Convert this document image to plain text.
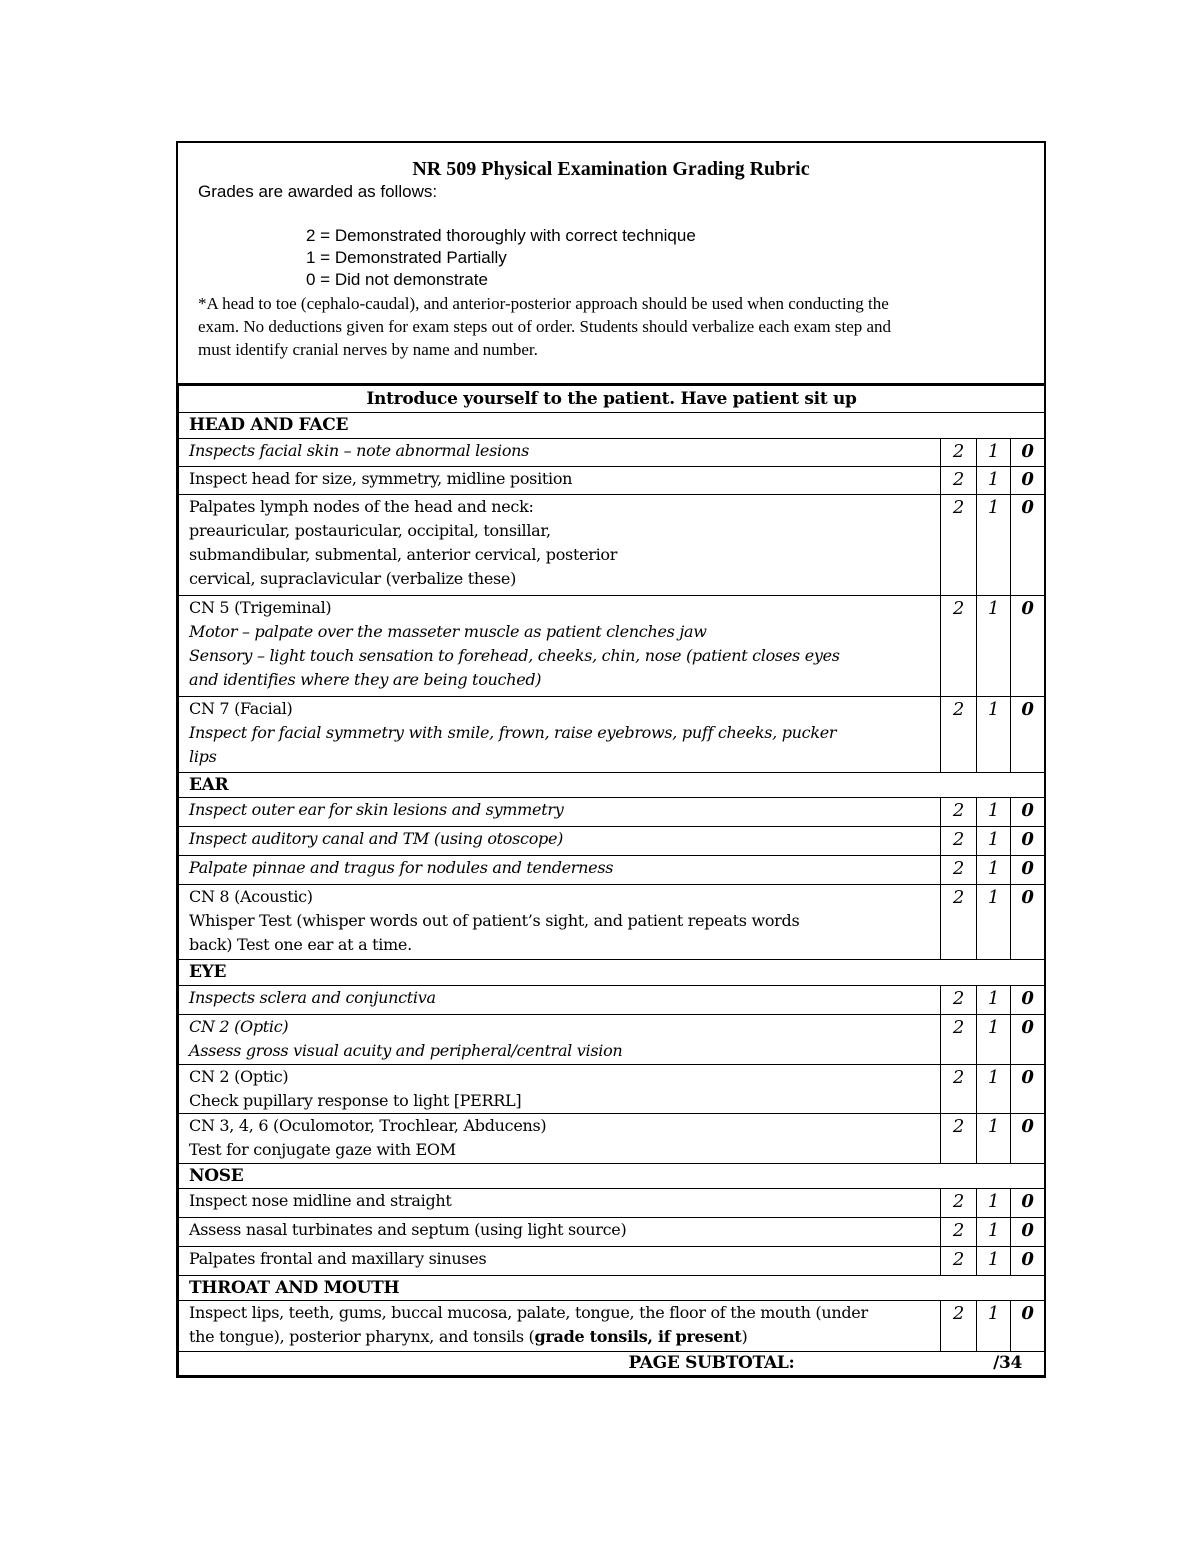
NR 509 Physical Examination Grading Rubric
Grades are awarded as follows:
2 = Demonstrated thoroughly with correct technique
1 = Demonstrated Partially
0 = Did not demonstrate
*A head to toe (cephalo-caudal), and anterior-posterior approach should be used when conducting the
exam. No deductions given for exam steps out of order. Students should verbalize each exam step and
must identify cranial nerves by name and number.
Introduce yourself to the patient. Have patient sit up			
HEAD AND FACE			

Inspects facial skin – note abnormal lesions	2	1	0

Inspect head for size, symmetry, midline position	2	1	0

Palpates lymph nodes of the head and neck:
preauricular, postauricular, occipital, tonsillar,
submandibular, submental, anterior cervical, posterior
cervical, supraclavicular (verbalize these)	2	1	0

CN 5 (Trigeminal)
Motor – palpate over the masseter muscle as patient clenches jaw
Sensory – light touch sensation to forehead, cheeks, chin, nose (patient closes eyes
and identifies where they are being touched)	2	1	0

CN 7 (Facial)
Inspect for facial symmetry with smile, frown, raise eyebrows, puff cheeks, pucker
lips	2	1	0
EAR			

Inspect outer ear for skin lesions and symmetry	2	1	0

Inspect auditory canal and TM (using otoscope)	2	1	0

Palpate pinnae and tragus for nodules and tenderness	2	1	0

CN 8 (Acoustic)
Whisper Test (whisper words out of patient’s sight, and patient repeats words
back) Test one ear at a time.	2	1	0
EYE			

Inspects sclera and conjunctiva	2	1	0

CN 2 (Optic)
Assess gross visual acuity and peripheral/central vision	2	1	0

CN 2 (Optic)
Check pupillary response to light [PERRL]	2	1	0

CN 3, 4, 6 (Oculomotor, Trochlear, Abducens)
Test for conjugate gaze with EOM	2	1	0
NOSE			

Inspect nose midline and straight	2	1	0

Assess nasal turbinates and septum (using light source)	2	1	0

Palpates frontal and maxillary sinuses	2	1	0
THROAT AND MOUTH			

Inspect lips, teeth, gums, buccal mucosa, palate, tongue, the floor of the mouth (under
the tongue), posterior pharynx, and tonsils (grade tonsils, if present)	2	1	0
PAGE SUBTOTAL:	/34		
